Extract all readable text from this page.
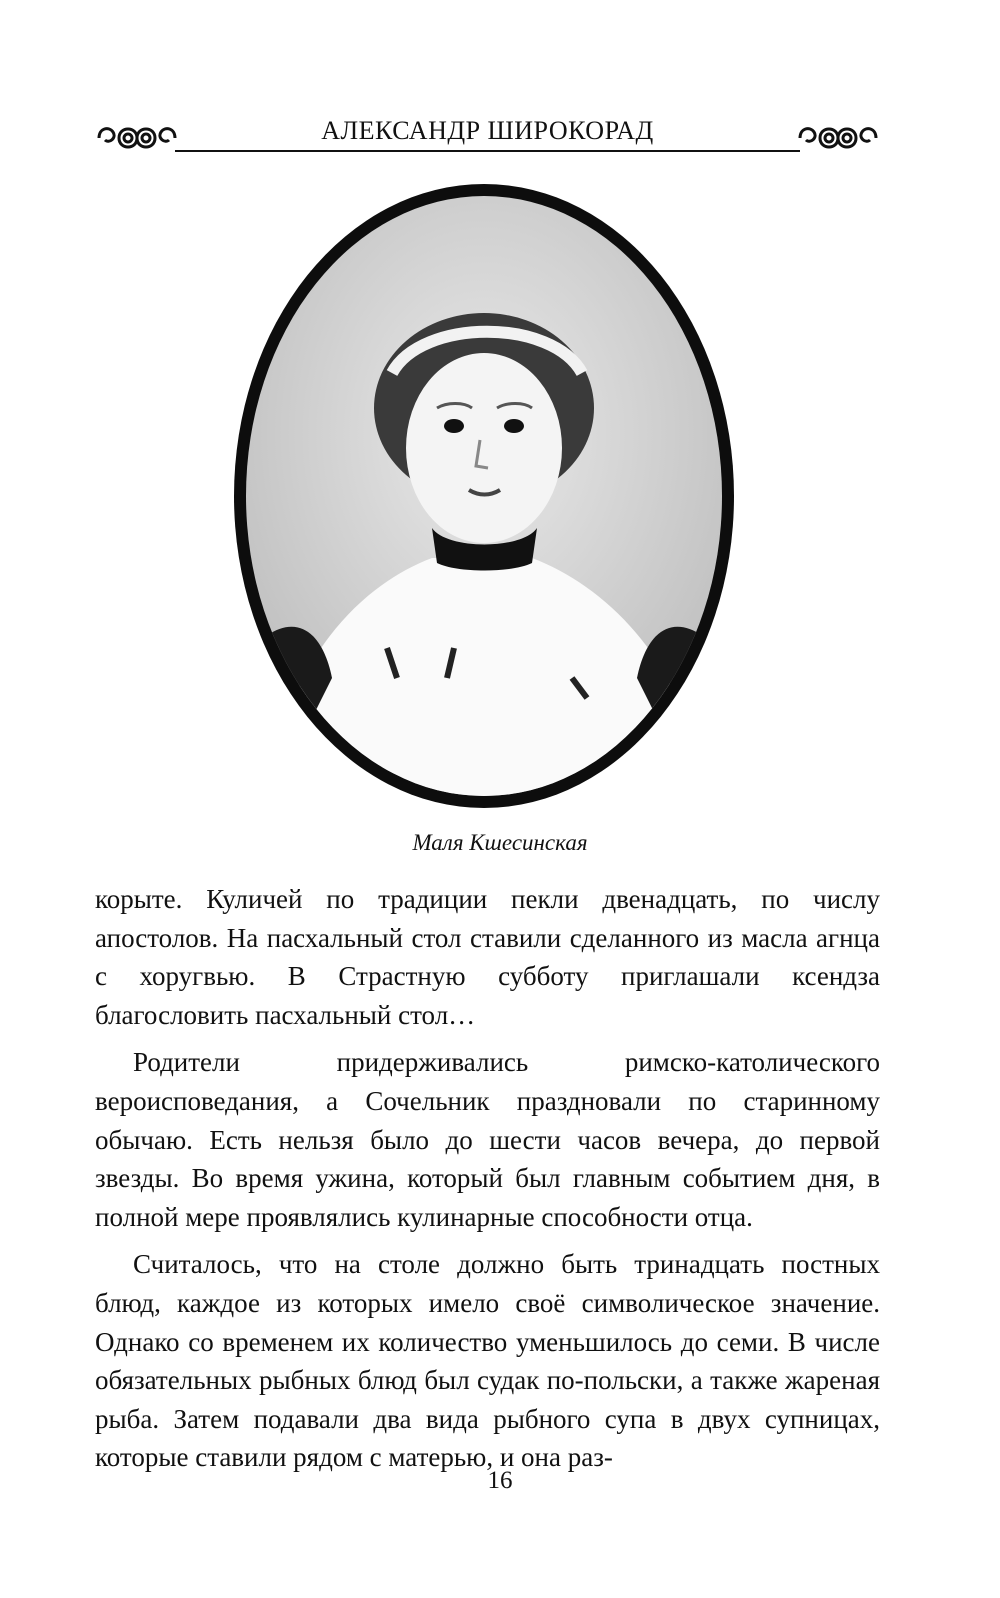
АЛЕКСАНДР ШИРОКОРАД
Маля Кшесинская

корыте. Куличей по традиции пекли двенадцать, по числу апостолов. На пасхальный стол ставили сделанного из масла агнца с хоругвью. В Страстную субботу приглашали ксендза благословить пасхальный стол…

Родители придерживались римско-католического вероисповедания, а Сочельник праздновали по старинному обычаю. Есть нельзя было до шести часов вечера, до первой звезды. Во время ужина, который был главным событием дня, в полной мере проявлялись кулинарные способности отца.

Считалось, что на столе должно быть тринадцать постных блюд, каждое из которых имело своё символическое значение. Однако со временем их количество уменьшилось до семи. В числе обязательных рыбных блюд был судак по-польски, а также жареная рыба. Затем подавали два вида рыбного супа в двух супницах, которые ставили рядом с матерью, и она раз-

16
